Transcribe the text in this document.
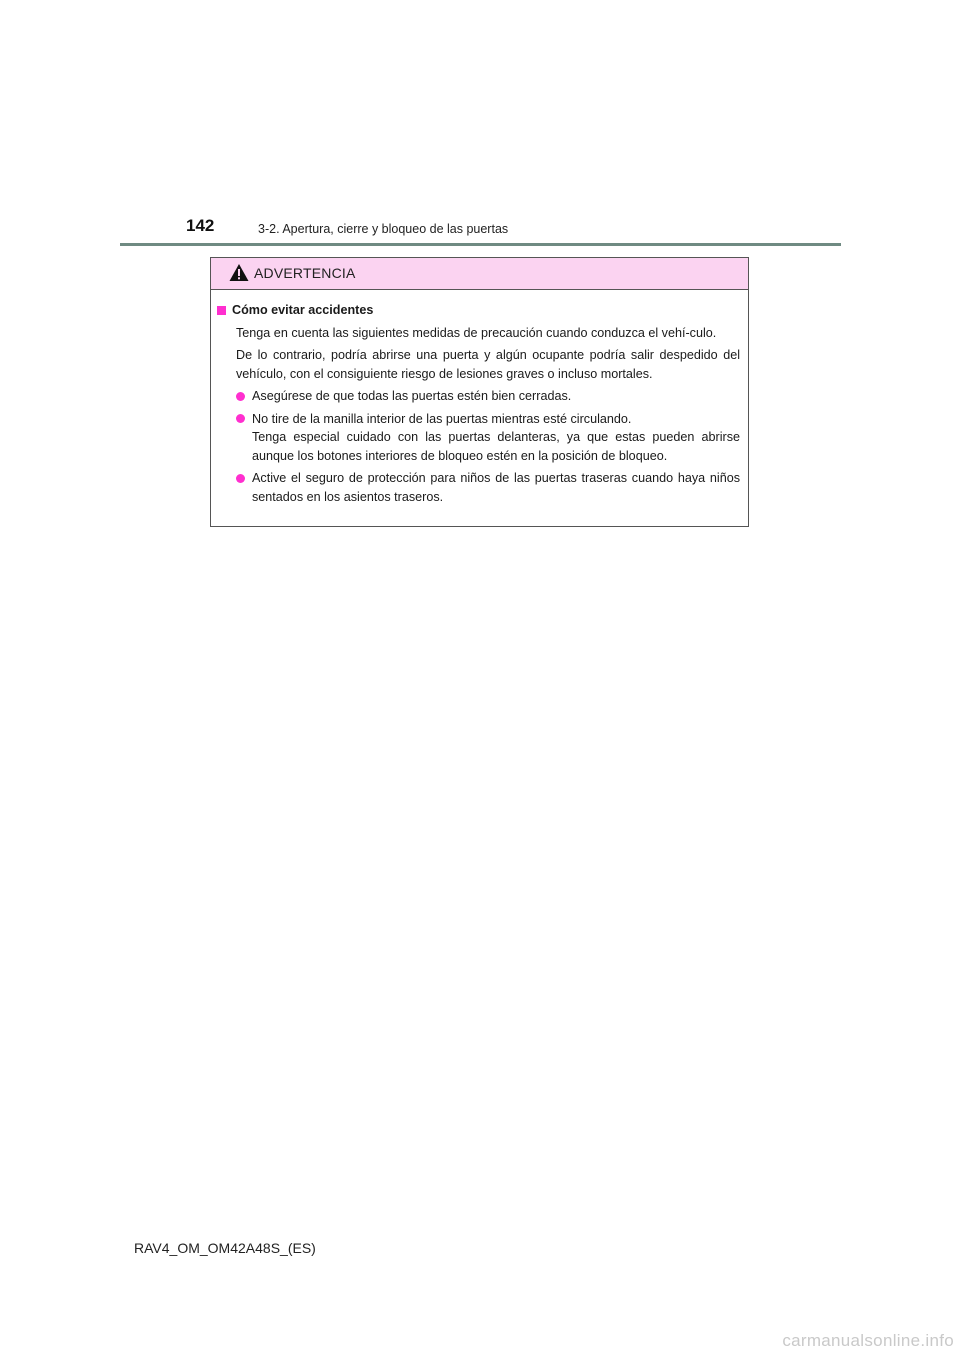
142	3-2. Apertura, cierre y bloqueo de las puertas
ADVERTENCIA
Cómo evitar accidentes
Tenga en cuenta las siguientes medidas de precaución cuando conduzca el vehí-culo.
De lo contrario, podría abrirse una puerta y algún ocupante podría salir despedido del vehículo, con el consiguiente riesgo de lesiones graves o incluso mortales.
Asegúrese de que todas las puertas estén bien cerradas.
No tire de la manilla interior de las puertas mientras esté circulando.
Tenga especial cuidado con las puertas delanteras, ya que estas pueden abrirse aunque los botones interiores de bloqueo estén en la posición de bloqueo.
Active el seguro de protección para niños de las puertas traseras cuando haya niños sentados en los asientos traseros.
RAV4_OM_OM42A48S_(ES)
carmanualsonline.info
